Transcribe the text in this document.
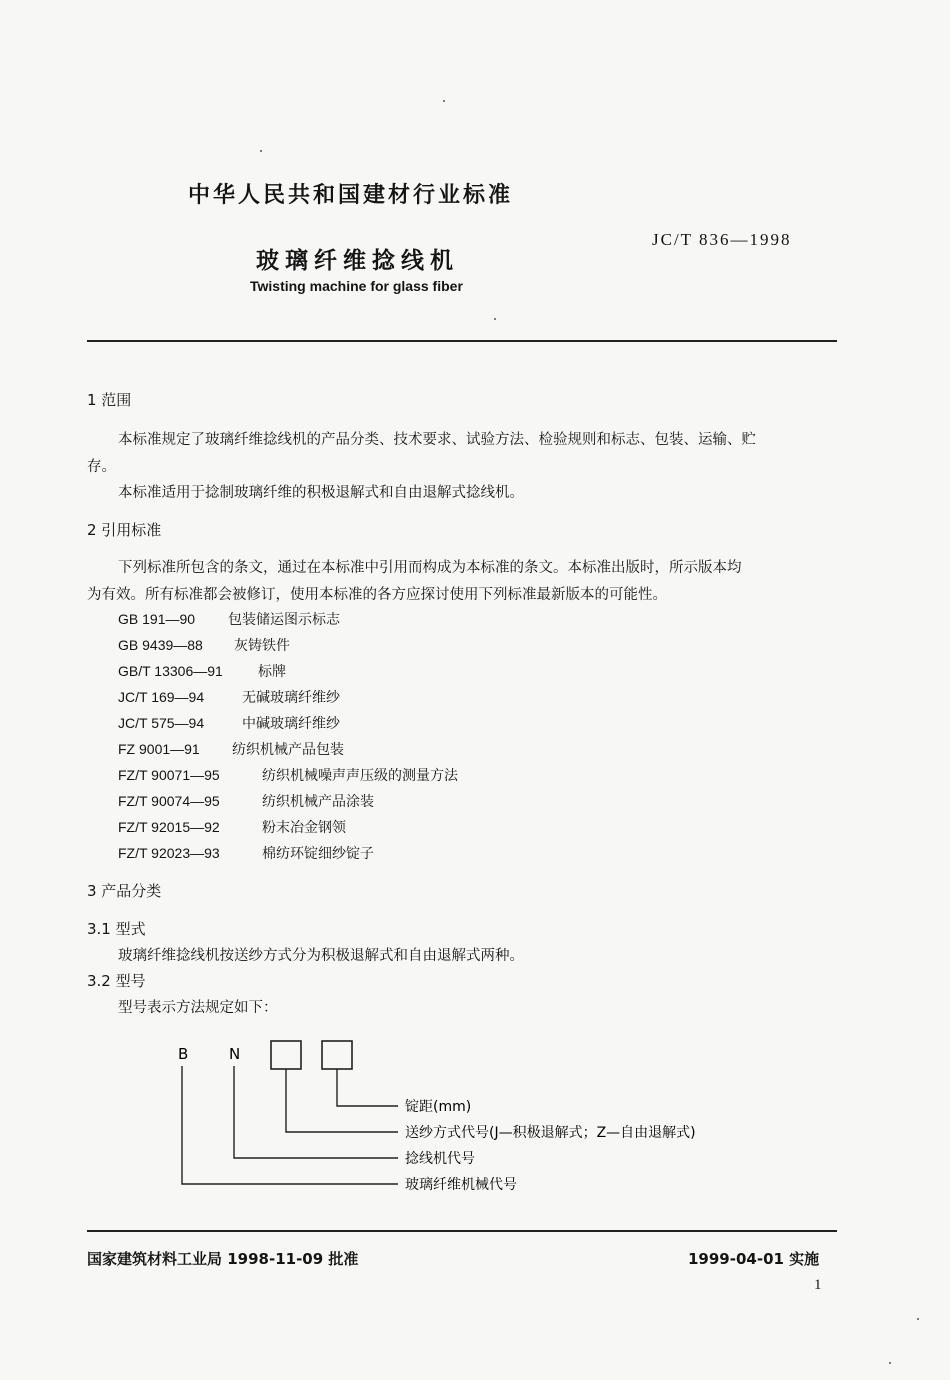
中华人民共和国建材行业标准
JC/T 836—1998
玻璃纤维捻线机
Twisting machine for glass fiber
1 范围
本标准规定了玻璃纤维捻线机的产品分类、技术要求、试验方法、检验规则和标志、包装、运输、贮
存。
本标准适用于捻制玻璃纤维的积极退解式和自由退解式捻线机。
2 引用标准
下列标准所包含的条文，通过在本标准中引用而构成为本标准的条文。本标准出版时，所示版本均
为有效。所有标准都会被修订，使用本标准的各方应探讨使用下列标准最新版本的可能性。
GB 191—90 包装储运图示标志
GB 9439—88 灰铸铁件
GB/T 13306—91	标牌
JC/T 169—94	无碱玻璃纤维纱
JC/T 575—94	中碱玻璃纤维纱
FZ 9001—91 纺织机械产品包装
FZ/T 90071—95	纺织机械噪声声压级的测量方法
FZ/T 90074—95	纺织机械产品涂装
FZ/T 92015—92	粉末冶金钢领
FZ/T 92023—93	棉纺环锭细纱锭子
3 产品分类
3.1 型式
玻璃纤维捻线机按送纱方式分为积极退解式和自由退解式两种。
3.2 型号
型号表示方法规定如下：
B	N
锭距(mm)
送纱方式代号(J—积极退解式；Z—自由退解式)
捻线机代号
玻璃纤维机械代号
国家建筑材料工业局 1998-11-09 批准	1999-04-01 实施
1
